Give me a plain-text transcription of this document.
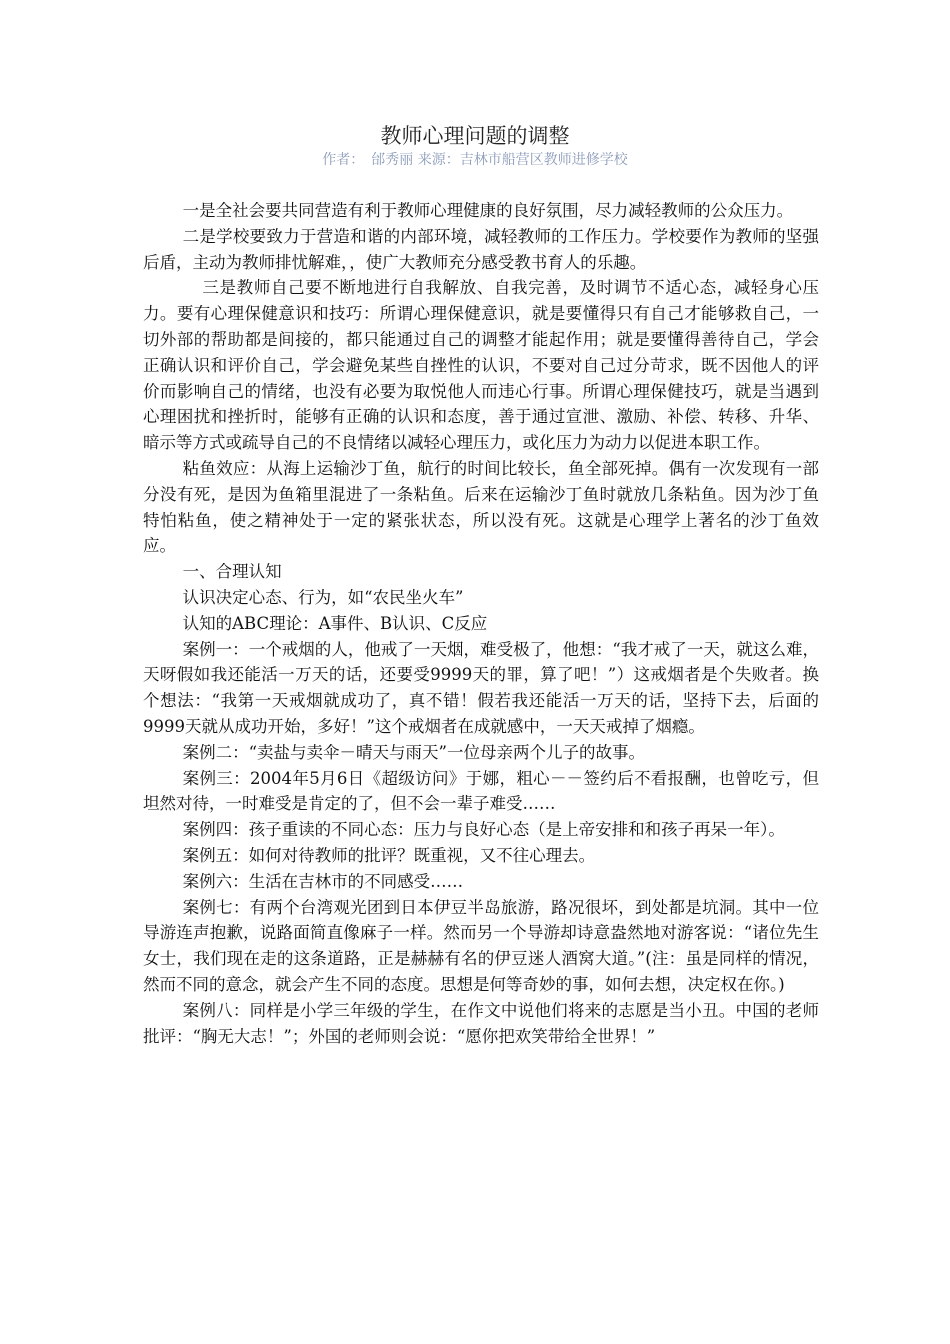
教师心理问题的调整
作者：　邰秀丽 来源：吉林市船营区教师进修学校

一是全社会要共同营造有利于教师心理健康的良好氛围，尽力减轻教师的公众压力。

二是学校要致力于营造和谐的内部环境，减轻教师的工作压力。学校要作为教师的坚强后盾，主动为教师排忧解难，，使广大教师充分感受教书育人的乐趣。

三是教师自己要不断地进行自我解放、自我完善，及时调节不适心态，减轻身心压力。要有心理保健意识和技巧：所谓心理保健意识，就是要懂得只有自己才能够救自己，一切外部的帮助都是间接的，都只能通过自己的调整才能起作用；就是要懂得善待自己，学会正确认识和评价自己，学会避免某些自挫性的认识，不要对自己过分苛求，既不因他人的评价而影响自己的情绪，也没有必要为取悦他人而违心行事。所谓心理保健技巧，就是当遇到心理困扰和挫折时，能够有正确的认识和态度，善于通过宣泄、激励、补偿、转移、升华、暗示等方式或疏导自己的不良情绪以减轻心理压力，或化压力为动力以促进本职工作。

粘鱼效应：从海上运输沙丁鱼，航行的时间比较长，鱼全部死掉。偶有一次发现有一部分没有死，是因为鱼箱里混进了一条粘鱼。后来在运输沙丁鱼时就放几条粘鱼。因为沙丁鱼特怕粘鱼，使之精神处于一定的紧张状态，所以没有死。这就是心理学上著名的沙丁鱼效应。

一、合理认知

认识决定心态、行为，如“农民坐火车”

认知的ABC理论：A事件、B认识、C反应

案例一：一个戒烟的人，他戒了一天烟，难受极了，他想：“我才戒了一天，就这么难，天呀假如我还能活一万天的话，还要受9999天的罪，算了吧！”）这戒烟者是个失败者。换个想法：“我第一天戒烟就成功了，真不错！假若我还能活一万天的话，坚持下去，后面的9999天就从成功开始，多好！”这个戒烟者在成就感中，一天天戒掉了烟瘾。

案例二：“卖盐与卖伞－晴天与雨天”一位母亲两个儿子的故事。

案例三：2004年5月6日《超级访问》于娜，粗心－－签约后不看报酬，也曾吃亏，但坦然对待，一时难受是肯定的了，但不会一辈子难受……

案例四：孩子重读的不同心态：压力与良好心态（是上帝安排和和孩子再呆一年）。

案例五：如何对待教师的批评？既重视，又不往心理去。

案例六：生活在吉林市的不同感受……

案例七：有两个台湾观光团到日本伊豆半岛旅游，路况很坏，到处都是坑洞。其中一位导游连声抱歉，说路面简直像麻子一样。然而另一个导游却诗意盎然地对游客说：“诸位先生女士，我们现在走的这条道路，正是赫赫有名的伊豆迷人酒窝大道。”(注：虽是同样的情况，然而不同的意念，就会产生不同的态度。思想是何等奇妙的事，如何去想，决定权在你。)

案例八：同样是小学三年级的学生，在作文中说他们将来的志愿是当小丑。中国的老师批评：“胸无大志！”；外国的老师则会说：“愿你把欢笑带给全世界！”
